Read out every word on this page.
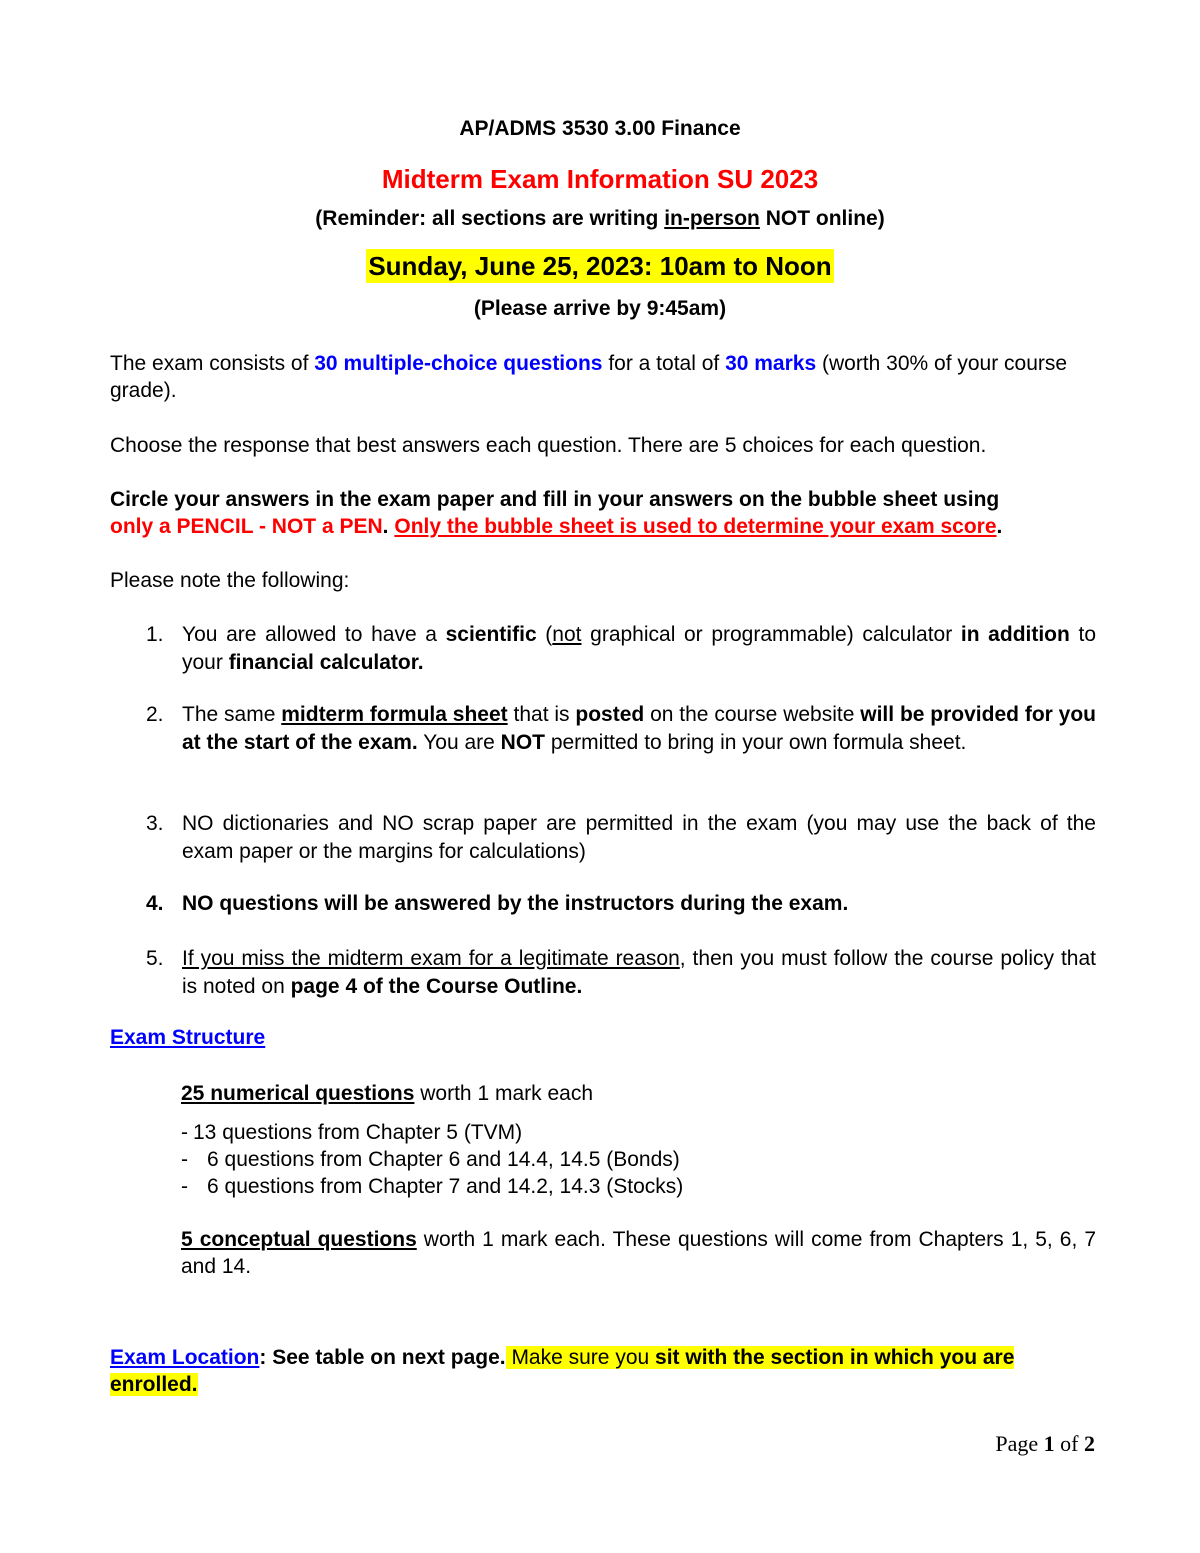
AP/ADMS 3530 3.00 Finance

Midterm Exam Information SU 2023

(Reminder: all sections are writing in-person NOT online)

Sunday, June 25, 2023: 10am to Noon

(Please arrive by 9:45am)

The exam consists of 30 multiple-choice questions for a total of 30 marks (worth 30% of your course grade).

Choose the response that best answers each question. There are 5 choices for each question.

Circle your answers in the exam paper and fill in your answers on the bubble sheet using
only a PENCIL - NOT a PEN. Only the bubble sheet is used to determine your exam score.

Please note the following:

1. You are allowed to have a scientific (not graphical or programmable) calculator in addition to your financial calculator.

2. The same midterm formula sheet that is posted on the course website will be provided for you at the start of the exam. You are NOT permitted to bring in your own formula sheet.

3. NO dictionaries and NO scrap paper are permitted in the exam (you may use the back of the exam paper or the margins for calculations)

4. NO questions will be answered by the instructors during the exam.

5. If you miss the midterm exam for a legitimate reason, then you must follow the course policy that is noted on page 4 of the Course Outline.

Exam Structure

25 numerical questions worth 1 mark each

- 13 questions from Chapter 5 (TVM)
- 6 questions from Chapter 6 and 14.4, 14.5 (Bonds)
- 6 questions from Chapter 7 and 14.2, 14.3 (Stocks)

5 conceptual questions worth 1 mark each. These questions will come from Chapters 1, 5, 6, 7 and 14.

Exam Location: See table on next page. Make sure you sit with the section in which you are enrolled.

Page 1 of 2
